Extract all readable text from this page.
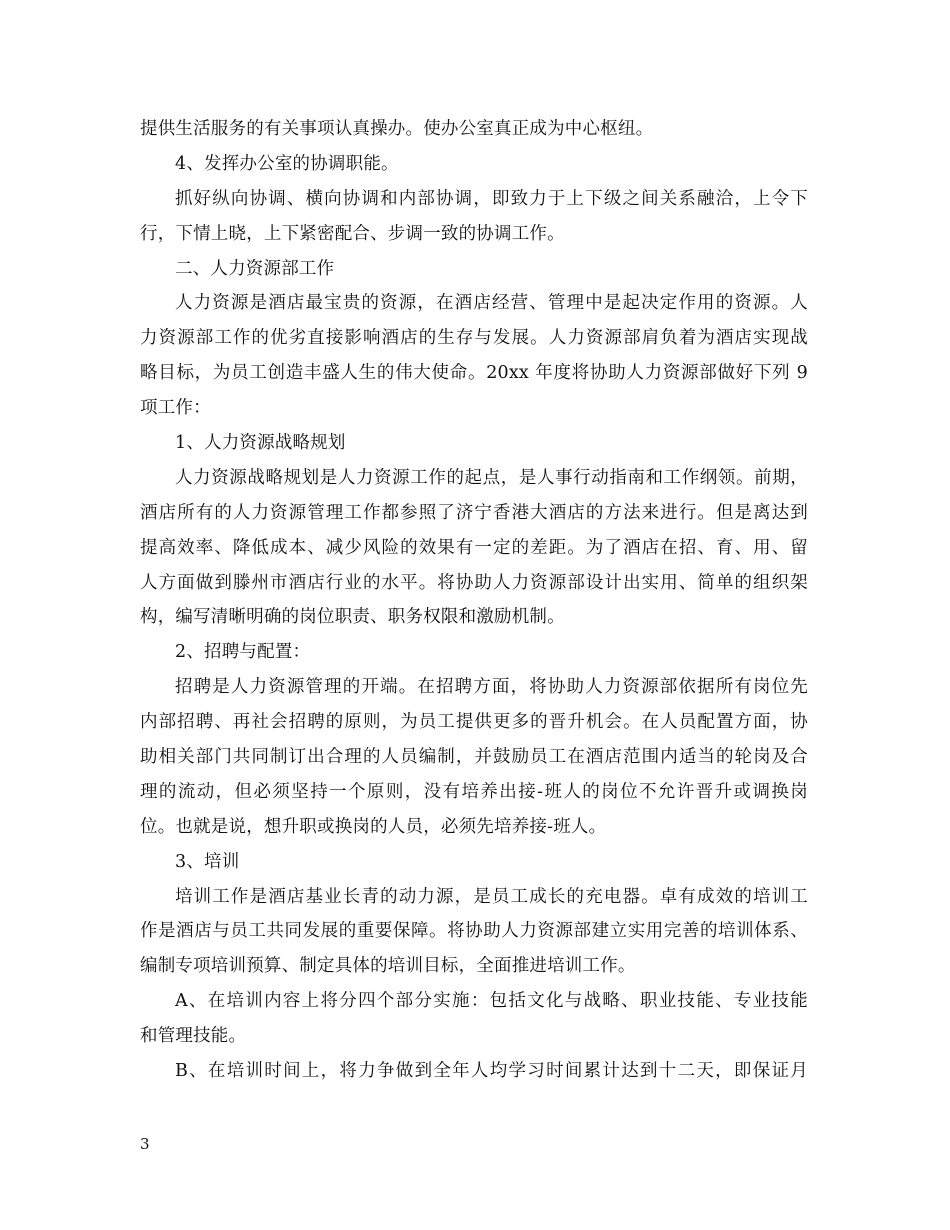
提供生活服务的有关事项认真操办。使办公室真正成为中心枢纽。
4、发挥办公室的协调职能。
抓好纵向协调、横向协调和内部协调，即致力于上下级之间关系融洽，上令下
行，下情上晓，上下紧密配合、步调一致的协调工作。
二、人力资源部工作
人力资源是酒店最宝贵的资源，在酒店经营、管理中是起决定作用的资源。人
力资源部工作的优劣直接影响酒店的生存与发展。人力资源部肩负着为酒店实现战
略目标，为员工创造丰盛人生的伟大使命。20xx 年度将协助人力资源部做好下列 9
项工作：
1、人力资源战略规划
人力资源战略规划是人力资源工作的起点，是人事行动指南和工作纲领。前期，
酒店所有的人力资源管理工作都参照了济宁香港大酒店的方法来进行。但是离达到
提高效率、降低成本、减少风险的效果有一定的差距。为了酒店在招、育、用、留
人方面做到滕州市酒店行业的水平。将协助人力资源部设计出实用、简单的组织架
构，编写清晰明确的岗位职责、职务权限和激励机制。
2、招聘与配置：
招聘是人力资源管理的开端。在招聘方面，将协助人力资源部依据所有岗位先
内部招聘、再社会招聘的原则，为员工提供更多的晋升机会。在人员配置方面，协
助相关部门共同制订出合理的人员编制，并鼓励员工在酒店范围内适当的轮岗及合
理的流动，但必须坚持一个原则，没有培养出接-班人的岗位不允许晋升或调换岗
位。也就是说，想升职或换岗的人员，必须先培养接-班人。
3、培训
培训工作是酒店基业长青的动力源，是员工成长的充电器。卓有成效的培训工
作是酒店与员工共同发展的重要保障。将协助人力资源部建立实用完善的培训体系、
编制专项培训预算、制定具体的培训目标，全面推进培训工作。
A、在培训内容上将分四个部分实施：包括文化与战略、职业技能、专业技能
和管理技能。
B、在培训时间上，将力争做到全年人均学习时间累计达到十二天，即保证月
3
